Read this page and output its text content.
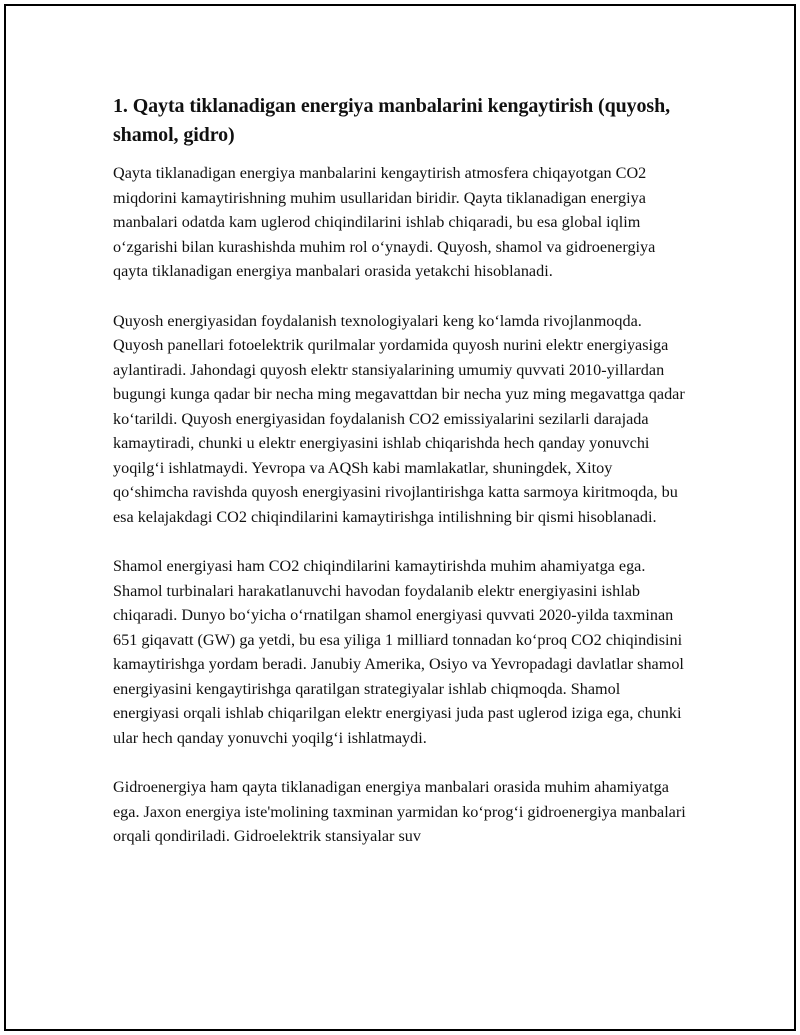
1. Qayta tiklanadigan energiya manbalarini kengaytirish (quyosh, shamol, gidro)

Qayta tiklanadigan energiya manbalarini kengaytirish atmosfera chiqayotgan CO2 miqdorini kamaytirishning muhim usullaridan biridir. Qayta tiklanadigan energiya manbalari odatda kam uglerod chiqindilarini ishlab chiqaradi, bu esa global iqlim o‘zgarishi bilan kurashishda muhim rol o‘ynaydi. Quyosh, shamol va gidroenergiya qayta tiklanadigan energiya manbalari orasida yetakchi hisoblanadi.

Quyosh energiyasidan foydalanish texnologiyalari keng ko‘lamda rivojlanmoqda. Quyosh panellari fotoelektrik qurilmalar yordamida quyosh nurini elektr energiyasiga aylantiradi. Jahondagi quyosh elektr stansiyalarining umumiy quvvati 2010-yillardan bugungi kunga qadar bir necha ming megavattdan bir necha yuz ming megavattga qadar ko‘tarildi. Quyosh energiyasidan foydalanish CO2 emissiyalarini sezilarli darajada kamaytiradi, chunki u elektr energiyasini ishlab chiqarishda hech qanday yonuvchi yoqilg‘i ishlatmaydi. Yevropa va AQSh kabi mamlakatlar, shuningdek, Xitoy qo‘shimcha ravishda quyosh energiyasini rivojlantirishga katta sarmoya kiritmoqda, bu esa kelajakdagi CO2 chiqindilarini kamaytirishga intilishning bir qismi hisoblanadi.

Shamol energiyasi ham CO2 chiqindilarini kamaytirishda muhim ahamiyatga ega. Shamol turbinalari harakatlanuvchi havodan foydalanib elektr energiyasini ishlab chiqaradi. Dunyo bo‘yicha o‘rnatilgan shamol energiyasi quvvati 2020-yilda taxminan 651 giqavatt (GW) ga yetdi, bu esa yiliga 1 milliard tonnadan ko‘proq CO2 chiqindisini kamaytirishga yordam beradi. Janubiy Amerika, Osiyo va Yevropadagi davlatlar shamol energiyasini kengaytirishga qaratilgan strategiyalar ishlab chiqmoqda. Shamol energiyasi orqali ishlab chiqarilgan elektr energiyasi juda past uglerod iziga ega, chunki ular hech qanday yonuvchi yoqilg‘i ishlatmaydi.

Gidroenergiya ham qayta tiklanadigan energiya manbalari orasida muhim ahamiyatga ega. Jaxon energiya iste'molining taxminan yarmidan ko‘prog‘i gidroenergiya manbalari orqali qondiriladi. Gidroelektrik stansiyalar suv
